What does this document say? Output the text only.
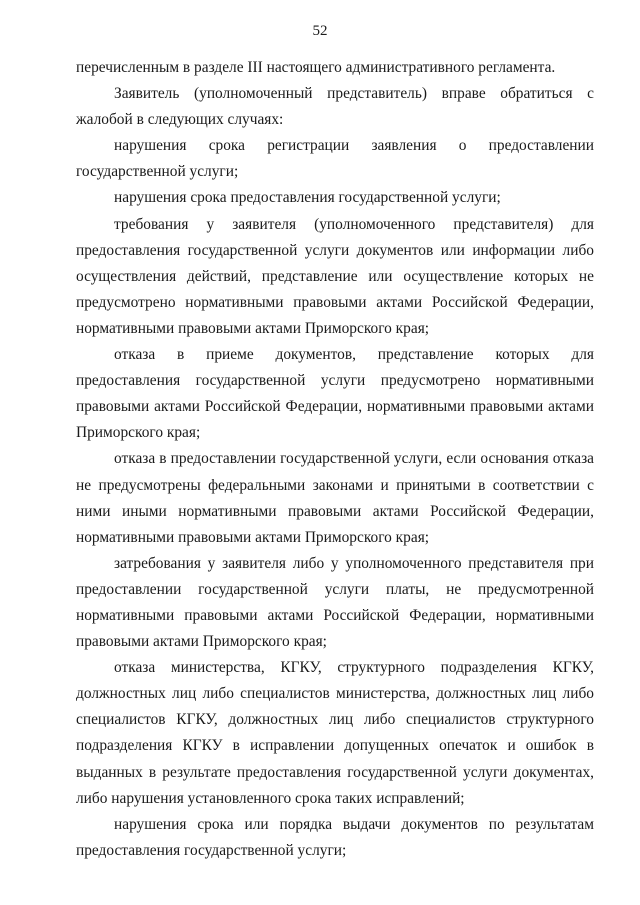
52

перечисленным в разделе III настоящего административного регламента.

Заявитель (уполномоченный представитель) вправе обратиться с жалобой в следующих случаях:

нарушения срока регистрации заявления о предоставлении государственной услуги;

нарушения срока предоставления государственной услуги;

требования у заявителя (уполномоченного представителя) для предоставления государственной услуги документов или информации либо осуществления действий, представление или осуществление которых не предусмотрено нормативными правовыми актами Российской Федерации, нормативными правовыми актами Приморского края;

отказа в приеме документов, представление которых для предоставления государственной услуги предусмотрено нормативными правовыми актами Российской Федерации, нормативными правовыми актами Приморского края;

отказа в предоставлении государственной услуги, если основания отказа не предусмотрены федеральными законами и принятыми в соответствии с ними иными нормативными правовыми актами Российской Федерации, нормативными правовыми актами Приморского края;

затребования у заявителя либо у уполномоченного представителя при предоставлении государственной услуги платы, не предусмотренной нормативными правовыми актами Российской Федерации, нормативными правовыми актами Приморского края;

отказа министерства, КГКУ, структурного подразделения КГКУ, должностных лиц либо специалистов министерства, должностных лиц либо специалистов КГКУ, должностных лиц либо специалистов структурного подразделения КГКУ в исправлении допущенных опечаток и ошибок в выданных в результате предоставления государственной услуги документах, либо нарушения установленного срока таких исправлений;

нарушения срока или порядка выдачи документов по результатам предоставления государственной услуги;
